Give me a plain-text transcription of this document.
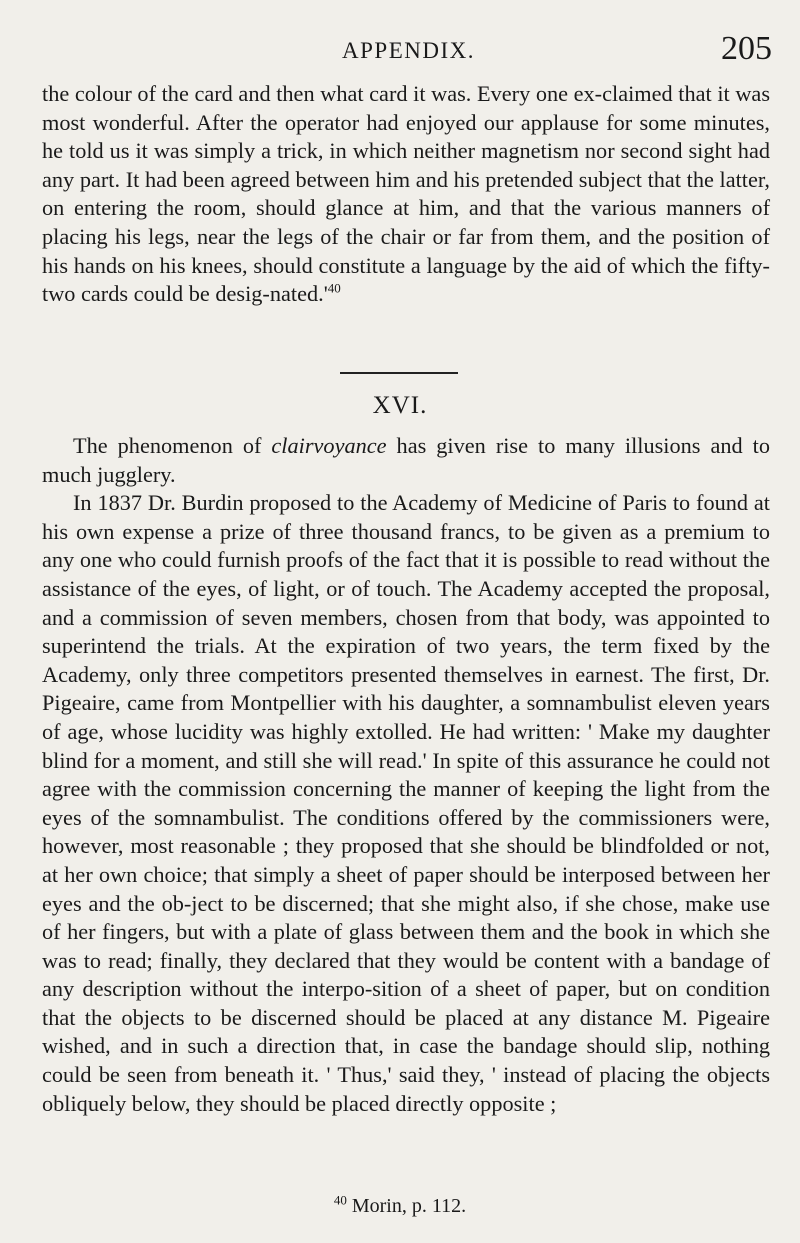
APPENDIX.	205

the colour of the card and then what card it was. Every one ex-claimed that it was most wonderful. After the operator had enjoyed our applause for some minutes, he told us it was simply a trick, in which neither magnetism nor second sight had any part. It had been agreed between him and his pretended subject that the latter, on entering the room, should glance at him, and that the various manners of placing his legs, near the legs of the chair or far from them, and the position of his hands on his knees, should constitute a language by the aid of which the fifty-two cards could be desig-$nated.'^{40}$

XVI.

The phenomenon of clairvoyance has given rise to many illusions and to much jugglery.

In 1837 Dr. Burdin proposed to the Academy of Medicine of Paris to found at his own expense a prize of three thousand francs, to be given as a premium to any one who could furnish proofs of the fact that it is possible to read without the assistance of the eyes, of light, or of touch. The Academy accepted the proposal, and a commission of seven members, chosen from that body, was appointed to superintend the trials. At the expiration of two years, the term fixed by the Academy, only three competitors presented themselves in earnest. The first, Dr. Pigeaire, came from Montpellier with his daughter, a somnambulist eleven years of age, whose lucidity was highly extolled. He had written: ' Make my daughter blind for a moment, and still she will read.' In spite of this assurance he could not agree with the commission concerning the manner of keeping the light from the eyes of the somnambulist. The conditions offered by the commissioners were, however, most reasonable ; they proposed that she should be blindfolded or not, at her own choice; that simply a sheet of paper should be interposed between her eyes and the ob-ject to be discerned; that she might also, if she chose, make use of her fingers, but with a plate of glass between them and the book in which she was to read; finally, they declared that they would be content with a bandage of any description without the interpo-sition of a sheet of paper, but on condition that the objects to be discerned should be placed at any distance M. Pigeaire wished, and in such a direction that, in case the bandage should slip, nothing could be seen from beneath it. ' Thus,' said they, ' instead of placing the objects obliquely below, they should be placed directly opposite ;

$^{40}$ Morin, p. 112.
